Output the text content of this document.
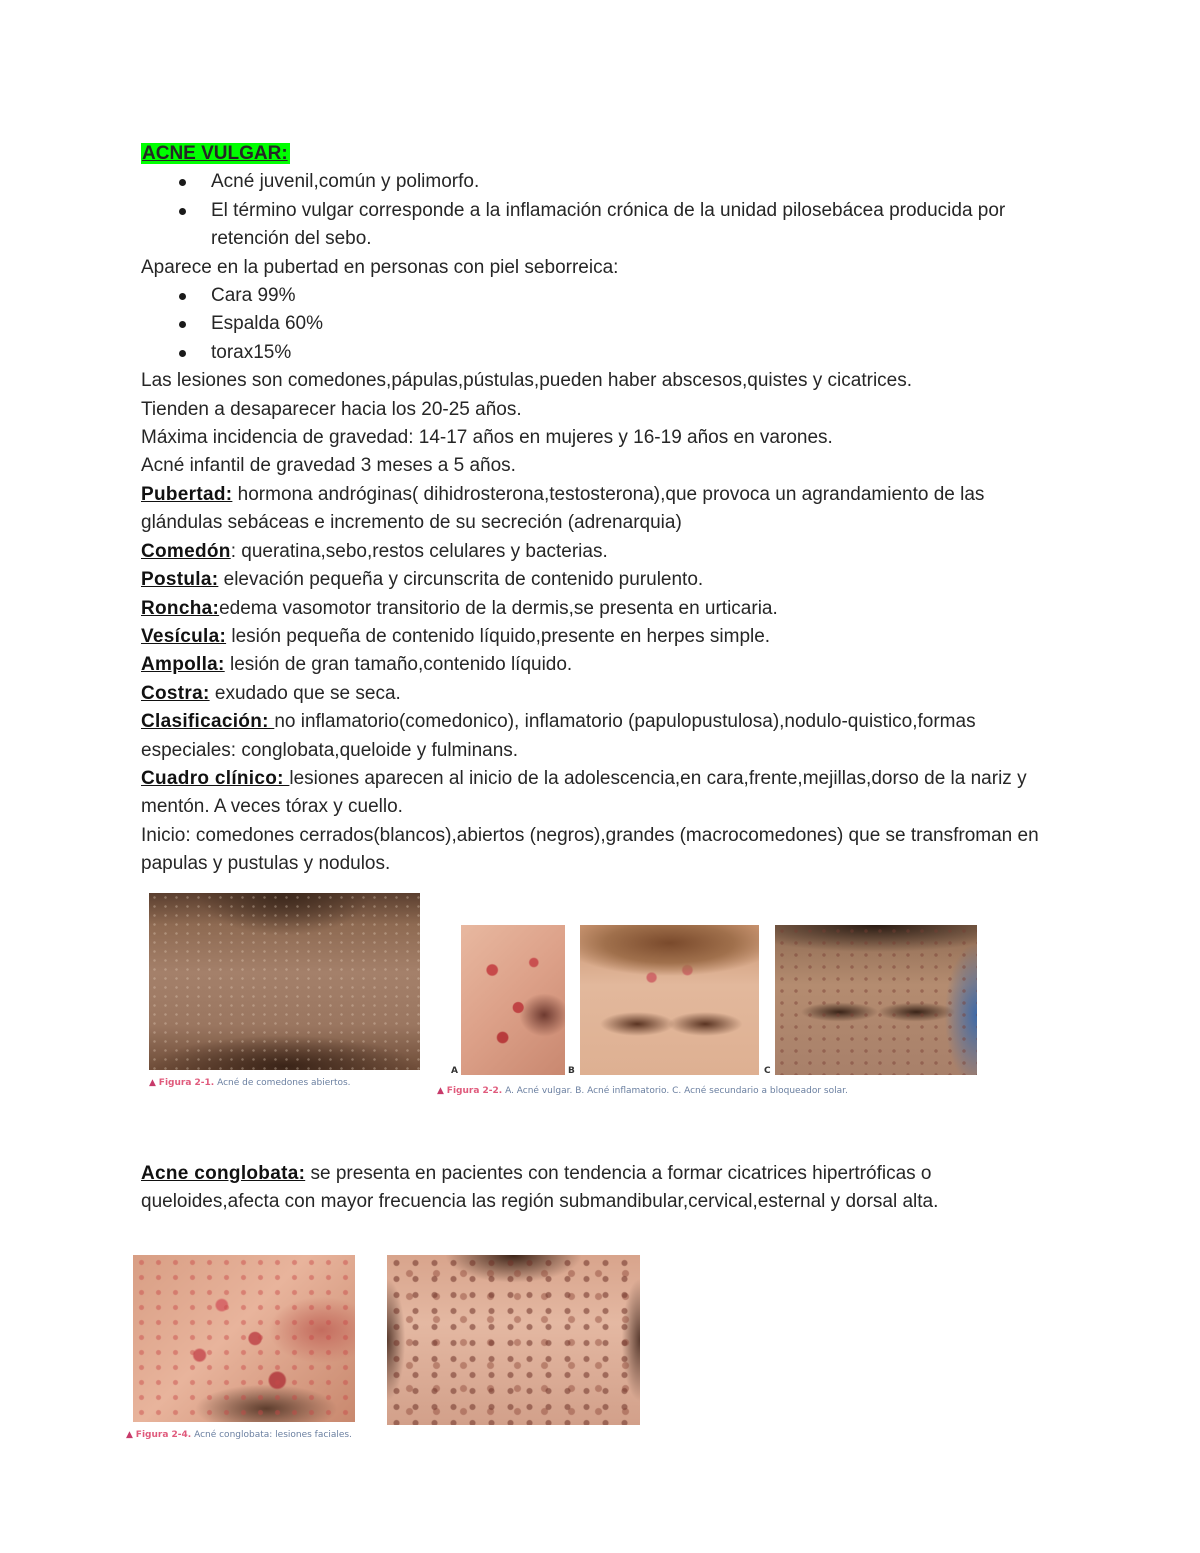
ACNE VULGAR:
Acné juvenil,común y polimorfo.
El término vulgar corresponde a la inflamación crónica de la unidad pilosebácea producida por retención del sebo.
Aparece en la pubertad en personas con piel seborreica:
Cara 99%
Espalda 60%
torax15%
Las lesiones son comedones,pápulas,pústulas,pueden haber abscesos,quistes y cicatrices.
Tienden a desaparecer hacia los 20-25 años.
Máxima incidencia de gravedad: 14-17 años en mujeres y 16-19 años en varones.
Acné infantil de gravedad 3 meses a 5 años.
Pubertad: hormona andróginas( dihidrosterona,testosterona),que provoca un agrandamiento de las glándulas sebáceas e incremento de su secreción (adrenarquia)
Comedón: queratina,sebo,restos celulares y bacterias.
Postula: elevación pequeña y circunscrita de contenido purulento.
Roncha:edema vasomotor transitorio de la dermis,se presenta en urticaria.
Vesícula: lesión pequeña de contenido líquido,presente en herpes simple.
Ampolla: lesión de gran tamaño,contenido líquido.
Costra: exudado que se seca.
Clasificación: no inflamatorio(comedonico), inflamatorio (papulopustulosa),nodulo-quistico,formas especiales: conglobata,queloide y fulminans.
Cuadro clínico: lesiones aparecen al inicio de la adolescencia,en cara,frente,mejillas,dorso de la nariz y mentón. A veces tórax y cuello.
Inicio: comedones cerrados(blancos),abiertos (negros),grandes (macrocomedones) que se transfroman en papulas y pustulas y nodulos.
▲ Figura 2-1. Acné de comedones abiertos.
A	B	C
▲ Figura 2-2. A. Acné vulgar. B. Acné inflamatorio. C. Acné secundario a bloqueador solar.
Acne conglobata: se presenta en pacientes con tendencia a formar cicatrices hipertróficas o queloides,afecta con mayor frecuencia las región submandibular,cervical,esternal y dorsal alta.
▲ Figura 2-4. Acné conglobata: lesiones faciales.
